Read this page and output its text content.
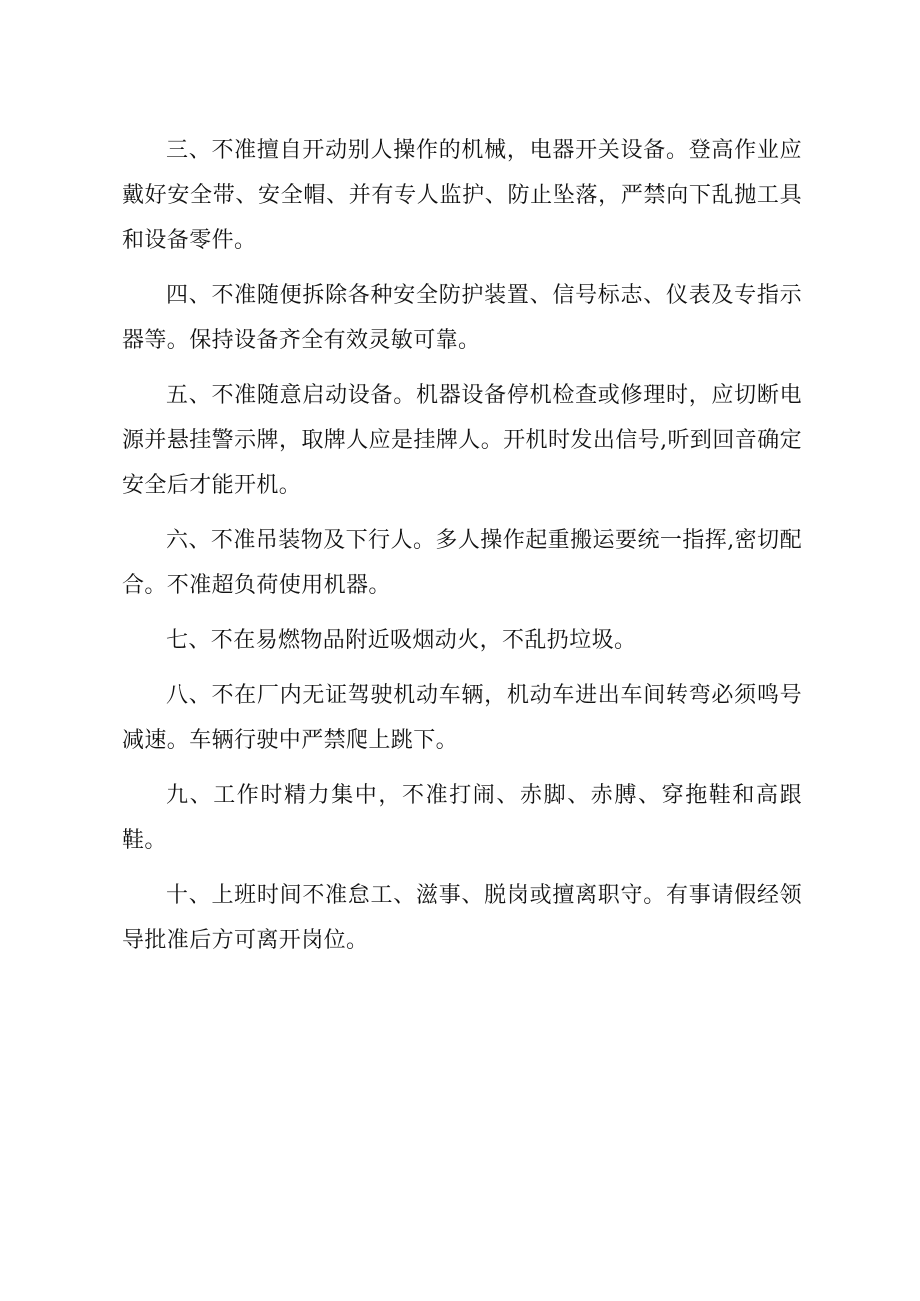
三、不准擅自开动别人操作的机械，电器开关设备。登高作业应戴好安全带、安全帽、并有专人监护、防止坠落，严禁向下乱抛工具和设备零件。

四、不准随便拆除各种安全防护装置、信号标志、仪表及专指示器等。保持设备齐全有效灵敏可靠。

五、不准随意启动设备。机器设备停机检查或修理时，应切断电源并悬挂警示牌，取牌人应是挂牌人。开机时发出信号,听到回音确定安全后才能开机。

六、不准吊装物及下行人。多人操作起重搬运要统一指挥,密切配合。不准超负荷使用机器。

七、不在易燃物品附近吸烟动火，不乱扔垃圾。

八、不在厂内无证驾驶机动车辆，机动车进出车间转弯必须鸣号减速。车辆行驶中严禁爬上跳下。

九、工作时精力集中，不准打闹、赤脚、赤膊、穿拖鞋和高跟鞋。

十、上班时间不准怠工、滋事、脱岗或擅离职守。有事请假经领导批准后方可离开岗位。
